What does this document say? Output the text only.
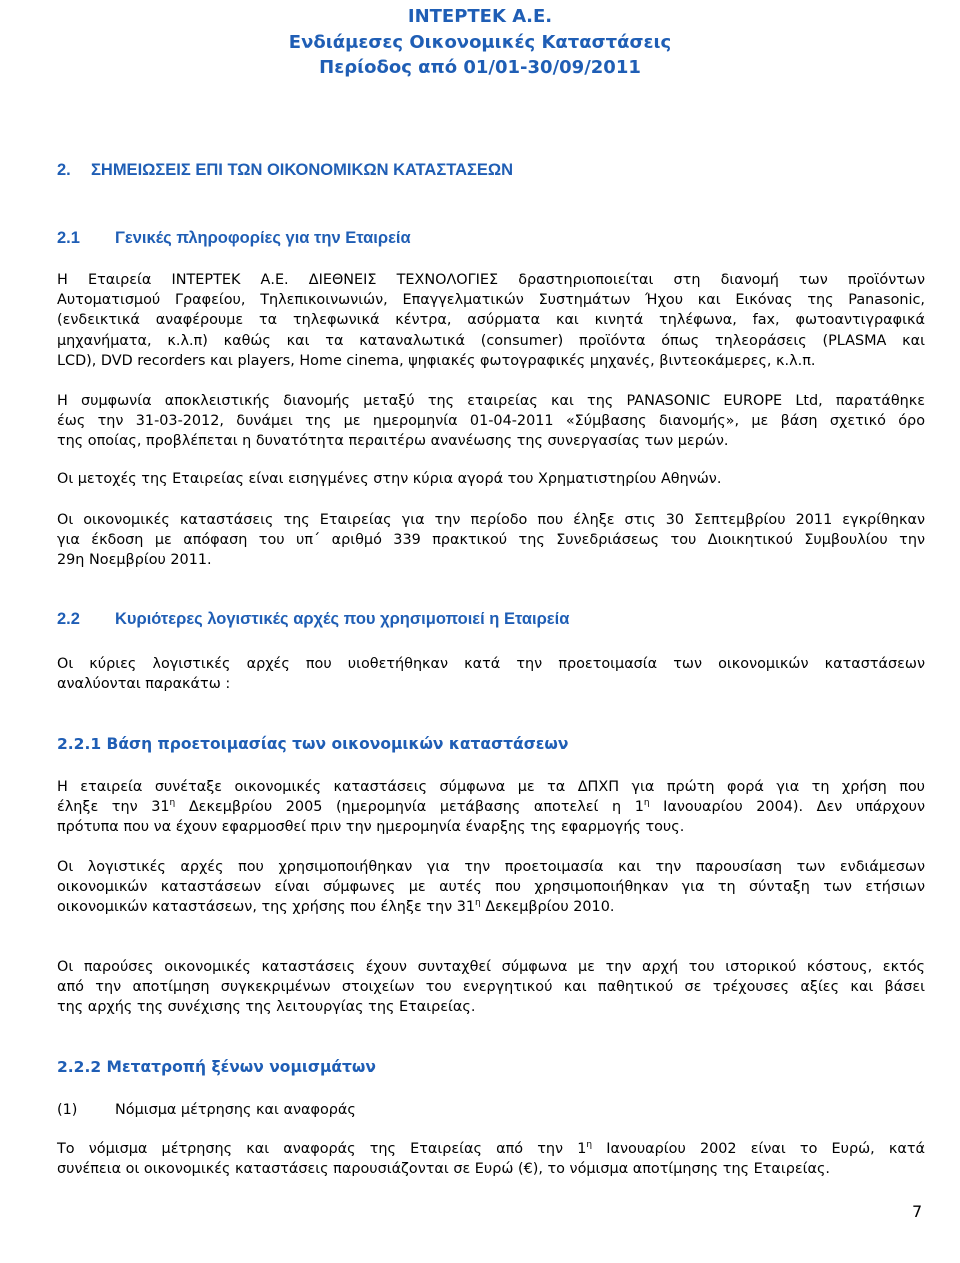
ΙΝΤΕΡΤΕΚ Α.Ε.
Ενδιάμεσες Οικονομικές Καταστάσεις
Περίοδος από 01/01-30/09/2011
2. ΣΗΜΕΙΩΣΕΙΣ ΕΠΙ ΤΩΝ ΟΙΚΟΝΟΜΙΚΩΝ ΚΑΤΑΣΤΑΣΕΩΝ
2.1 Γενικές πληροφορίες για την Εταιρεία
Η Εταιρεία ΙΝΤΕΡΤΕΚ Α.Ε. ΔΙΕΘΝΕΙΣ ΤΕΧΝΟΛΟΓΙΕΣ δραστηριοποιείται στη διανομή των προϊόντων
Αυτοματισμού Γραφείου, Τηλεπικοινωνιών, Επαγγελματικών Συστημάτων Ήχου και Εικόνας της Panasonic,
(ενδεικτικά αναφέρουμε τα τηλεφωνικά κέντρα, ασύρματα και κινητά τηλέφωνα, fax, φωτοαντιγραφικά
μηχανήματα, κ.λ.π) καθώς και τα καταναλωτικά (consumer) προϊόντα όπως τηλεοράσεις (PLASMA και
LCD), DVD recorders και players, Home cinema, ψηφιακές φωτογραφικές μηχανές, βιντεοκάμερες, κ.λ.π.
Η συμφωνία αποκλειστικής διανομής μεταξύ της εταιρείας και της PANASONIC EUROPE Ltd, παρατάθηκε
έως την 31-03-2012, δυνάμει της με ημερομηνία 01-04-2011 «Σύμβασης διανομής», με βάση σχετικό όρο
της οποίας, προβλέπεται η δυνατότητα περαιτέρω ανανέωσης της συνεργασίας των μερών.
Οι μετοχές της Εταιρείας είναι εισηγμένες στην κύρια αγορά του Χρηματιστηρίου Αθηνών.
Οι οικονομικές καταστάσεις της Εταιρείας για την περίοδο που έληξε στις 30 Σεπτεμβρίου 2011 εγκρίθηκαν
για έκδοση με απόφαση του υπ΄ αριθμό 339 πρακτικού της Συνεδριάσεως του Διοικητικού Συμβουλίου την
29η Νοεμβρίου 2011.
2.2 Κυριότερες λογιστικές αρχές που χρησιμοποιεί η Εταιρεία
Οι κύριες λογιστικές αρχές που υιοθετήθηκαν κατά την προετοιμασία των οικονομικών καταστάσεων
αναλύονται παρακάτω :
2.2.1 Βάση προετοιμασίας των οικονομικών καταστάσεων
Η εταιρεία συνέταξε οικονομικές καταστάσεις σύμφωνα με τα ΔΠΧΠ για πρώτη φορά για τη χρήση που
έληξε την $31^\eta$ Δεκεμβρίου 2005 (ημερομηνία μετάβασης αποτελεί η $1^\eta$ Ιανουαρίου 2004). Δεν υπάρχουν
πρότυπα που να έχουν εφαρμοσθεί πριν την ημερομηνία έναρξης της εφαρμογής τους.
Οι λογιστικές αρχές που χρησιμοποιήθηκαν για την προετοιμασία και την παρουσίαση των ενδιάμεσων
οικονομικών καταστάσεων είναι σύμφωνες με αυτές που χρησιμοποιήθηκαν για τη σύνταξη των ετήσιων
οικονομικών καταστάσεων, της χρήσης που έληξε την $31^\eta$ Δεκεμβρίου 2010.
Οι παρούσες οικονομικές καταστάσεις έχουν συνταχθεί σύμφωνα με την αρχή του ιστορικού κόστους, εκτός
από την αποτίμηση συγκεκριμένων στοιχείων του ενεργητικού και παθητικού σε τρέχουσες αξίες και βάσει
της αρχής της συνέχισης της λειτουργίας της Εταιρείας.
2.2.2 Μετατροπή ξένων νομισμάτων
(1)	Νόμισμα μέτρησης και αναφοράς
Το νόμισμα μέτρησης και αναφοράς της Εταιρείας από την $1^\eta$ Ιανουαρίου 2002 είναι το Ευρώ, κατά
συνέπεια οι οικονομικές καταστάσεις παρουσιάζονται σε Ευρώ (€), το νόμισμα αποτίμησης της Εταιρείας.
7
